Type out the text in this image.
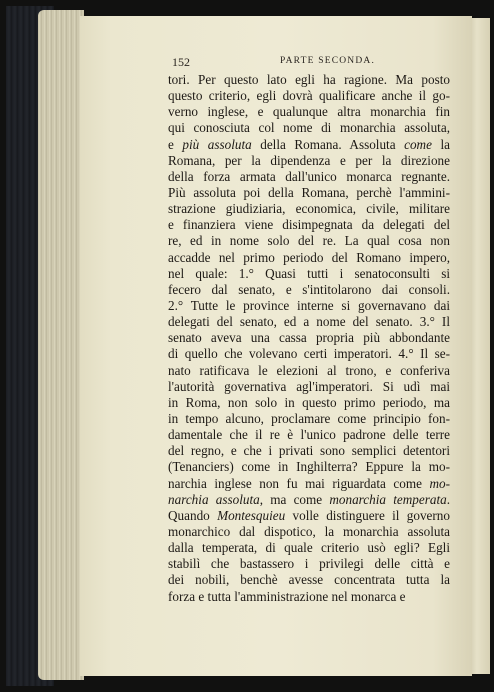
152	PARTE SECONDA.
tori. Per questo lato egli ha ragione. Ma posto
questo criterio, egli dovrà qualificare anche il go-
verno inglese, e qualunque altra monarchia fin
qui conosciuta col nome di monarchia assoluta,
e più assoluta della Romana. Assoluta come la
Romana, per la dipendenza e per la direzione
della forza armata dall'unico monarca regnante.
Più assoluta poi della Romana, perchè l'ammini-
strazione giudiziaria, economica, civile, militare
e finanziera viene disimpegnata da delegati del
re, ed in nome solo del re. La qual cosa non
accadde nel primo periodo del Romano impero,
nel quale: 1.° Quasi tutti i senatoconsulti si
fecero dal senato, e s'intitolarono dai consoli.
2.° Tutte le province interne si governavano dai
delegati del senato, ed a nome del senato. 3.° Il
senato aveva una cassa propria più abbondante
di quello che volevano certi imperatori. 4.° Il se-
nato ratificava le elezioni al trono, e conferiva
l'autorità governativa agl'imperatori. Si udì mai
in Roma, non solo in questo primo periodo, ma
in tempo alcuno, proclamare come principio fon-
damentale che il re è l'unico padrone delle terre
del regno, e che i privati sono semplici detentori
(Tenanciers) come in Inghilterra? Eppure la mo-
narchia inglese non fu mai riguardata come mo-
narchia assoluta, ma come monarchia temperata.
Quando Montesquieu volle distinguere il governo
monarchico dal dispotico, la monarchia assoluta
dalla temperata, di quale criterio usò egli? Egli
stabilì che bastassero i privilegi delle città e
dei nobili, benchè avesse concentrata tutta la
forza e tutta l'amministrazione nel monarca e
